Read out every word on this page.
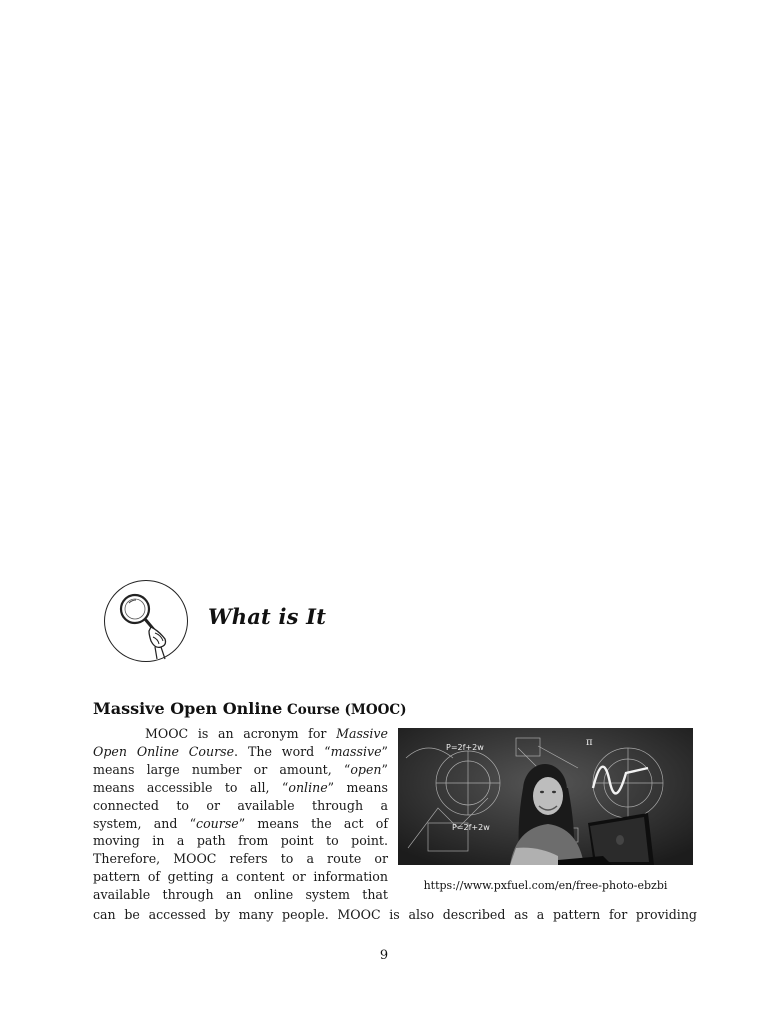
What is It
Massive Open Online Course (MOOC)
MOOC is an acronym for Massive
Open Online Course. The word “massive”
means large number or amount, “open”
means accessible to all, “online” means
connected to or available through a
system, and “course” means the act of
moving in a path from point to point.
Therefore, MOOC refers to a route or
pattern of getting a content or information
available through an online system that
can be accessed by many people. MOOC is also described as a pattern for providing
P=2f+2w
P=2f+2w
π
https://www.pxfuel.com/en/free-photo-ebzbi
9
